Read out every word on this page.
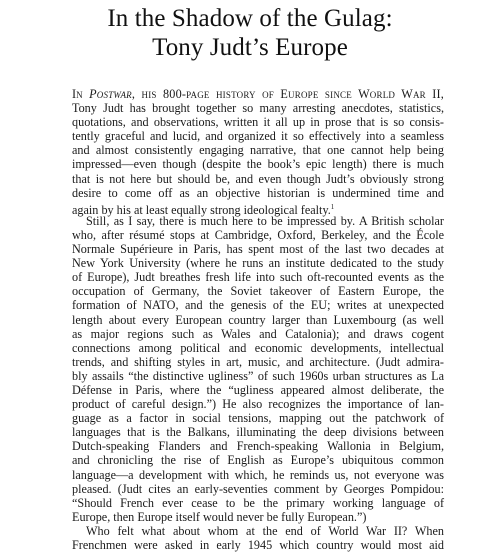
In the Shadow of the Gulag:
Tony Judt’s Europe
In Postwar, his 800-page history of Europe since World War II,
Tony Judt has brought together so many arresting anecdotes, statistics,
quotations, and observations, written it all up in prose that is so consis-
tently graceful and lucid, and organized it so effectively into a seamless
and almost consistently engaging narrative, that one cannot help being
impressed—even though (despite the book’s epic length) there is much
that is not here but should be, and even though Judt’s obviously strong
desire to come off as an objective historian is undermined time and
again by his at least equally strong ideological fealty.$^1$
Still, as I say, there is much here to be impressed by. A British scholar
who, after résumé stops at Cambridge, Oxford, Berkeley, and the École
Normale Supérieure in Paris, has spent most of the last two decades at
New York University (where he runs an institute dedicated to the study
of Europe), Judt breathes fresh life into such oft-recounted events as the
occupation of Germany, the Soviet takeover of Eastern Europe, the
formation of NATO, and the genesis of the EU; writes at unexpected
length about every European country larger than Luxembourg (as well
as major regions such as Wales and Catalonia); and draws cogent
connections among political and economic developments, intellectual
trends, and shifting styles in art, music, and architecture. (Judt admira-
bly assails “the distinctive ugliness” of such 1960s urban structures as La
Défense in Paris, where the “ugliness appeared almost deliberate, the
product of careful design.”) He also recognizes the importance of lan-
guage as a factor in social tensions, mapping out the patchwork of
languages that is the Balkans, illuminating the deep divisions between
Dutch-speaking Flanders and French-speaking Wallonia in Belgium,
and chronicling the rise of English as Europe’s ubiquitous common
language—a development with which, he reminds us, not everyone was
pleased. (Judt cites an early-seventies comment by Georges Pompidou:
“Should French ever cease to be the primary working language of
Europe, then Europe itself would never be fully European.”)
Who felt what about whom at the end of World War II? When
Frenchmen were asked in early 1945 which country would most aid
